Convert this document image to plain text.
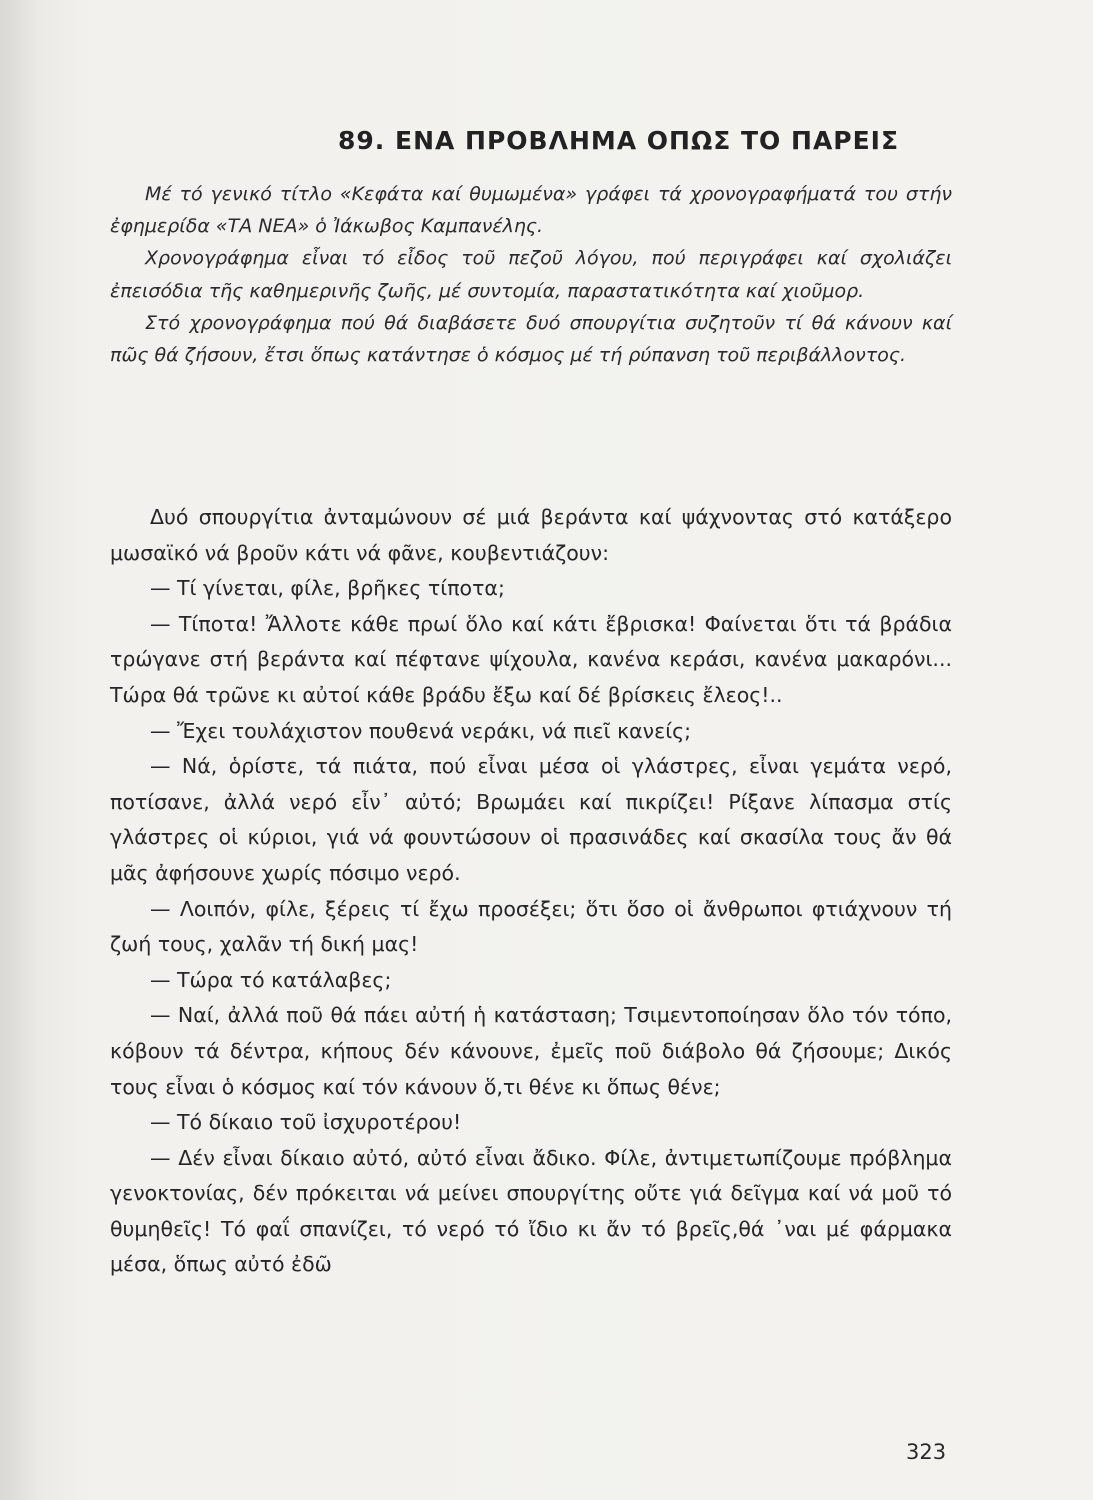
89. ΕΝΑ ΠΡΟΒΛΗΜΑ ΟΠΩΣ ΤΟ ΠΑΡΕΙΣ

Μέ τό γενικό τίτλο «Κεφάτα καί θυμωμένα» γράφει τά χρονογραφήματά του στήν ἐφημερίδα «ΤΑ ΝΕΑ» ὁ Ἰάκωβος Καμπανέλης.

Χρονογράφημα εἶναι τό εἶδος τοῦ πεζοῦ λόγου, πού περιγράφει καί σχολιάζει ἐπεισόδια τῆς καθημερινῆς ζωῆς, μέ συντομία, παραστατικότητα καί χιοῦμορ.

Στό χρονογράφημα πού θά διαβάσετε δυό σπουργίτια συζητοῦν τί θά κάνουν καί πῶς θά ζήσουν, ἔτσι ὅπως κατάντησε ὁ κόσμος μέ τή ρύπανση τοῦ περιβάλλοντος.

Δυό σπουργίτια ἀνταμώνουν σέ μιά βεράντα καί ψάχνοντας στό κατάξερο μωσαϊκό νά βροῦν κάτι νά φᾶνε, κουβεντιάζουν:

— Τί γίνεται, φίλε, βρῆκες τίποτα;

— Τίποτα! Ἄλλοτε κάθε πρωί ὅλο καί κάτι ἔβρισκα! Φαίνεται ὅτι τά βράδια τρώγανε στή βεράντα καί πέφτανε ψίχουλα, κανένα κεράσι, κανένα μακαρόνι... Τώρα θά τρῶνε κι αὐτοί κάθε βράδυ ἔξω καί δέ βρίσκεις ἔλεος!..

— Ἔχει τουλάχιστον πουθενά νεράκι, νά πιεῖ κανείς;

— Νά, ὁρίστε, τά πιάτα, πού εἶναι μέσα οἱ γλάστρες, εἶναι γεμάτα νερό, ποτίσανε, ἀλλά νερό εἶν᾽ αὐτό; Βρωμάει καί πικρίζει! Ρίξανε λίπασμα στίς γλάστρες οἱ κύριοι, γιά νά φουντώσουν οἱ πρασινάδες καί σκασίλα τους ἄν θά μᾶς ἀφήσουνε χωρίς πόσιμο νερό.

— Λοιπόν, φίλε, ξέρεις τί ἔχω προσέξει; ὅτι ὅσο οἱ ἄνθρωποι φτιάχνουν τή ζωή τους, χαλᾶν τή δική μας!

— Τώρα τό κατάλαβες;

— Ναί, ἀλλά ποῦ θά πάει αὐτή ἡ κατάσταση; Τσιμεντοποίησαν ὅλο τόν τόπο, κόβουν τά δέντρα, κήπους δέν κάνουνε, ἐμεῖς ποῦ διάβολο θά ζήσουμε; Δικός τους εἶναι ὁ κόσμος καί τόν κάνουν ὅ,τι θένε κι ὅπως θένε;

— Τό δίκαιο τοῦ ἰσχυροτέρου!

— Δέν εἶναι δίκαιο αὐτό, αὐτό εἶναι ἄδικο. Φίλε, ἀντιμετωπίζουμε πρόβλημα γενοκτονίας, δέν πρόκειται νά μείνει σπουργίτης οὔτε γιά δεῖγμα καί νά μοῦ τό θυμηθεῖς! Τό φαΐ σπανίζει, τό νερό τό ἴδιο κι ἄν τό βρεῖς,θά ᾽ναι μέ φάρμακα μέσα, ὅπως αὐτό ἐδῶ

323
